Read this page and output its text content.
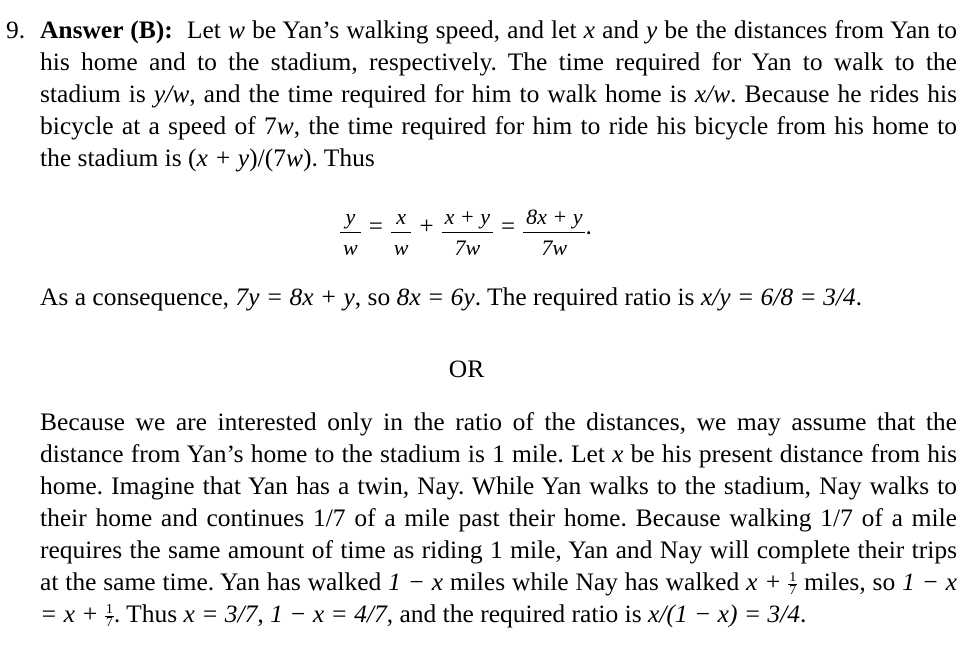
9. Answer (B): Let w be Yan’s walking speed, and let x and y be the distances from Yan to his home and to the stadium, respectively. The time required for Yan to walk to the stadium is y/w, and the time required for him to walk home is x/w. Because he rides his bicycle at a speed of 7w, the time required for him to ride his bicycle from his home to the stadium is (x + y)/(7w). Thus
$\frac{y}{w} = \frac{x}{w} + \frac{x + y}{7w} = \frac{8x + y}{7w}$ .
As a consequence, 7y = 8x + y, so 8x = 6y. The required ratio is x/y = 6/8 = 3/4.
OR
Because we are interested only in the ratio of the distances, we may assume that the distance from Yan’s home to the stadium is 1 mile. Let x be his present distance from his home. Imagine that Yan has a twin, Nay. While Yan walks to the stadium, Nay walks to their home and continues 1/7 of a mile past their home. Because walking 1/7 of a mile requires the same amount of time as riding 1 mile, Yan and Nay will complete their trips at the same time. Yan has walked 1 − x miles while Nay has walked $x + \frac{1}{7}$ miles, so $1 - x = x + \frac{1}{7}$ . Thus x = 3/7, 1 − x = 4/7, and the required ratio is x/(1 − x) = 3/4.
